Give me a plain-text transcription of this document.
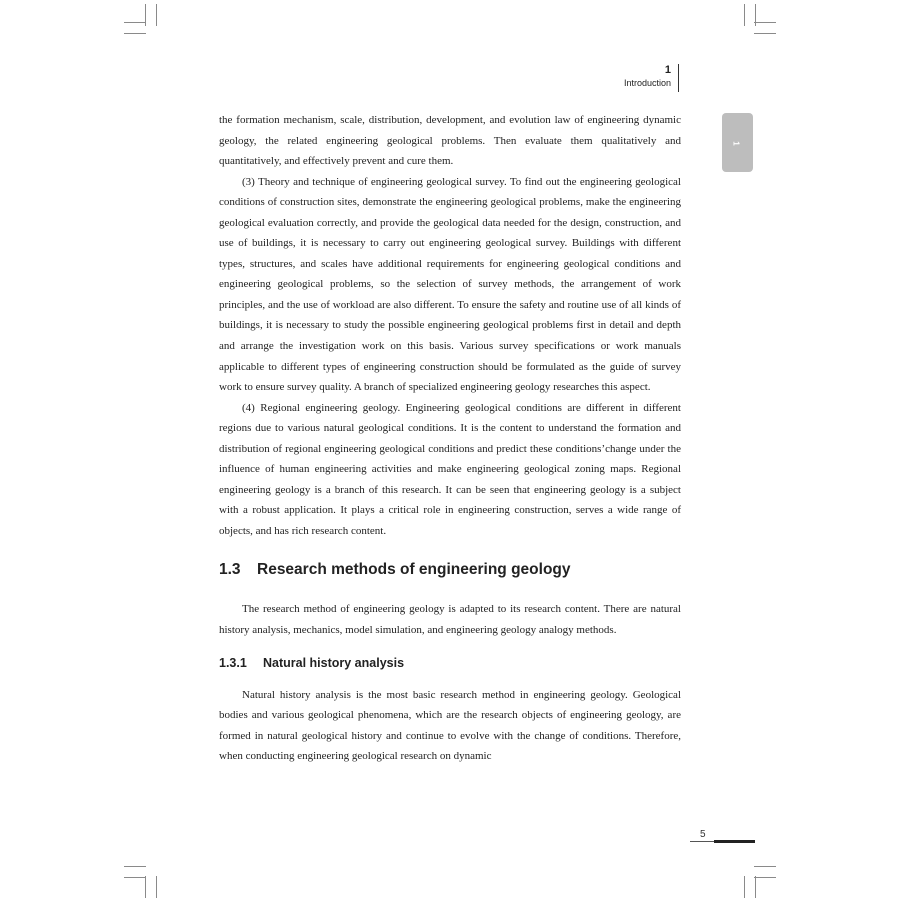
1
Introduction
1

the formation mechanism, scale, distribution, development, and evolution law of engineering dynamic geology, the related engineering geological problems. Then evaluate them qualitatively and quantitatively, and effectively prevent and cure them.

(3) Theory and technique of engineering geological survey. To find out the engineering geological conditions of construction sites, demonstrate the engineering geological problems, make the engineering geological evaluation correctly, and provide the geological data needed for the design, construction, and use of buildings, it is necessary to carry out engineering geological survey. Buildings with different types, structures, and scales have additional requirements for engineering geological conditions and engineering geological problems, so the selection of survey methods, the arrangement of work principles, and the use of workload are also different. To ensure the safety and routine use of all kinds of buildings, it is necessary to study the possible engineering geological problems first in detail and depth and arrange the investigation work on this basis. Various survey specifications or work manuals applicable to different types of engineering construction should be formulated as the guide of survey work to ensure survey quality. A branch of specialized engineering geology researches this aspect.

(4) Regional engineering geology. Engineering geological conditions are different in different regions due to various natural geological conditions. It is the content to understand the formation and distribution of regional engineering geological conditions and predict these conditions’change under the influence of human engineering activities and make engineering geological zoning maps. Regional engineering geology is a branch of this research. It can be seen that engineering geology is a subject with a robust application. It plays a critical role in engineering construction, serves a wide range of objects, and has rich research content.

1.3 Research methods of engineering geology

The research method of engineering geology is adapted to its research content. There are natural history analysis, mechanics, model simulation, and engineering geology analogy methods.

1.3.1 Natural history analysis

Natural history analysis is the most basic research method in engineering geology. Geological bodies and various geological phenomena, which are the research objects of engineering geology, are formed in natural geological history and continue to evolve with the change of conditions. Therefore, when conducting engineering geological research on dynamic

5
